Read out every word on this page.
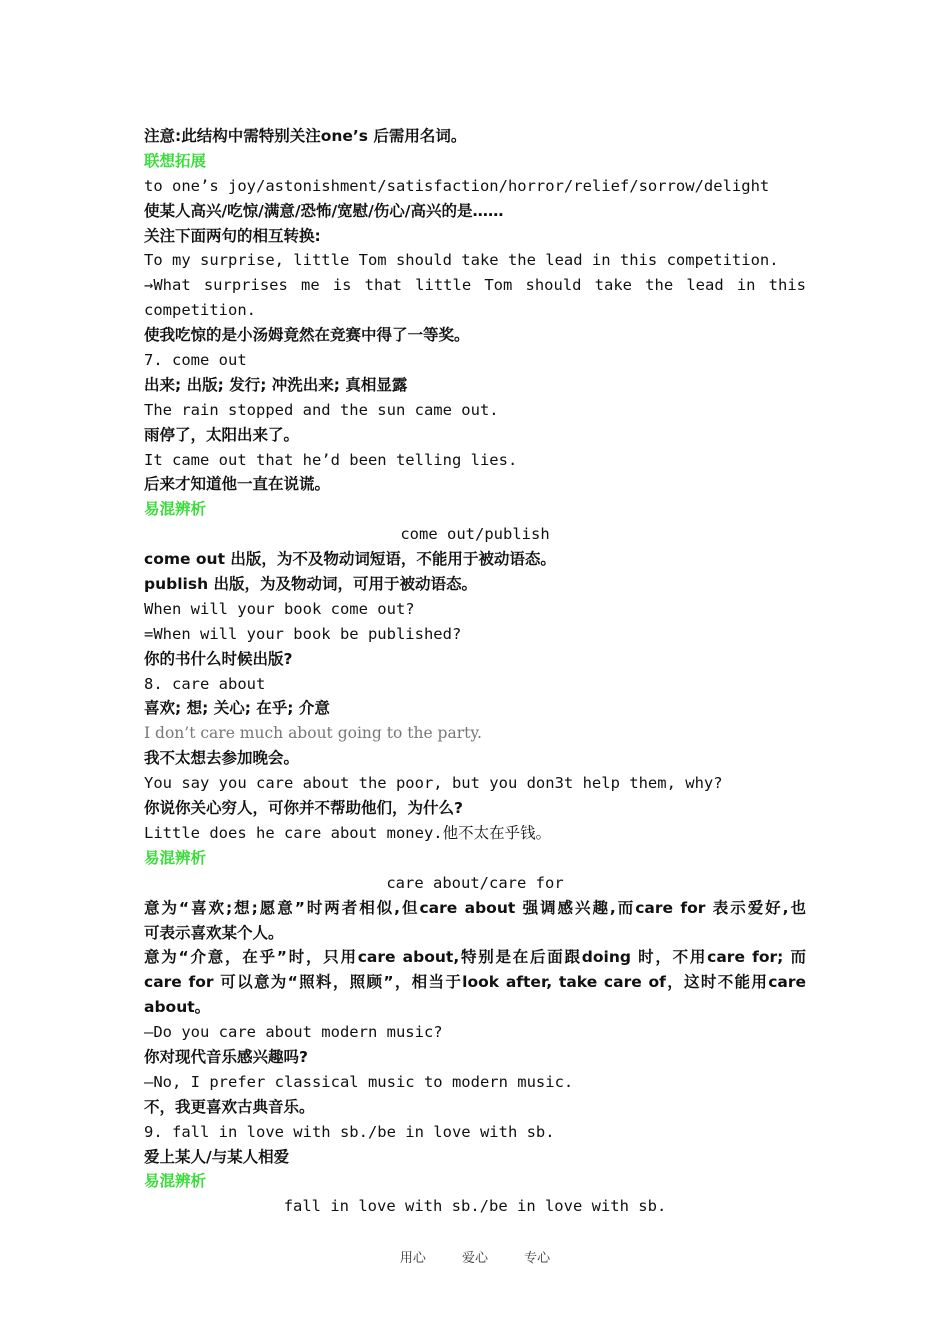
注意:此结构中需特别关注one’s 后需用名词。
联想拓展
to one’s joy/astonishment/satisfaction/horror/relief/sorrow/delight
使某人高兴/吃惊/满意/恐怖/宽慰/伤心/高兴的是……
关注下面两句的相互转换:
To my surprise, little Tom should take the lead in this competition.
→What surprises me is that little Tom should take the lead in this
competition.
使我吃惊的是小汤姆竟然在竞赛中得了一等奖。
7. come out
出来; 出版; 发行; 冲洗出来; 真相显露
The rain stopped and the sun came out.
雨停了，太阳出来了。
It came out that he’d been telling lies.
后来才知道他一直在说谎。
易混辨析
come out/publish
come out 出版，为不及物动词短语，不能用于被动语态。
publish 出版，为及物动词，可用于被动语态。
When will your book come out?
=When will your book be published?
你的书什么时候出版?
8. care about
喜欢; 想; 关心; 在乎; 介意
I don’t care much about going to the party.
我不太想去参加晚会。
You say you care about the poor, but you don3t help them, why?
你说你关心穷人，可你并不帮助他们，为什么?
Little does he care about money.他不太在乎钱。
易混辨析
care about/care for
意为“喜欢;想;愿意”时两者相似,但care about 强调感兴趣,而care for 表示爱好,也
可表示喜欢某个人。
意为“介意，在乎”时，只用care about,特别是在后面跟doing 时，不用care for; 而
care for 可以意为“照料，照顾”，相当于look after, take care of，这时不能用care
about。
—Do you care about modern music?
你对现代音乐感兴趣吗?
—No, I prefer classical music to modern music.
不，我更喜欢古典音乐。
9. fall in love with sb./be in love with sb.
爱上某人/与某人相爱
易混辨析
fall in love with sb./be in love with sb.
用心	爱心	专心
